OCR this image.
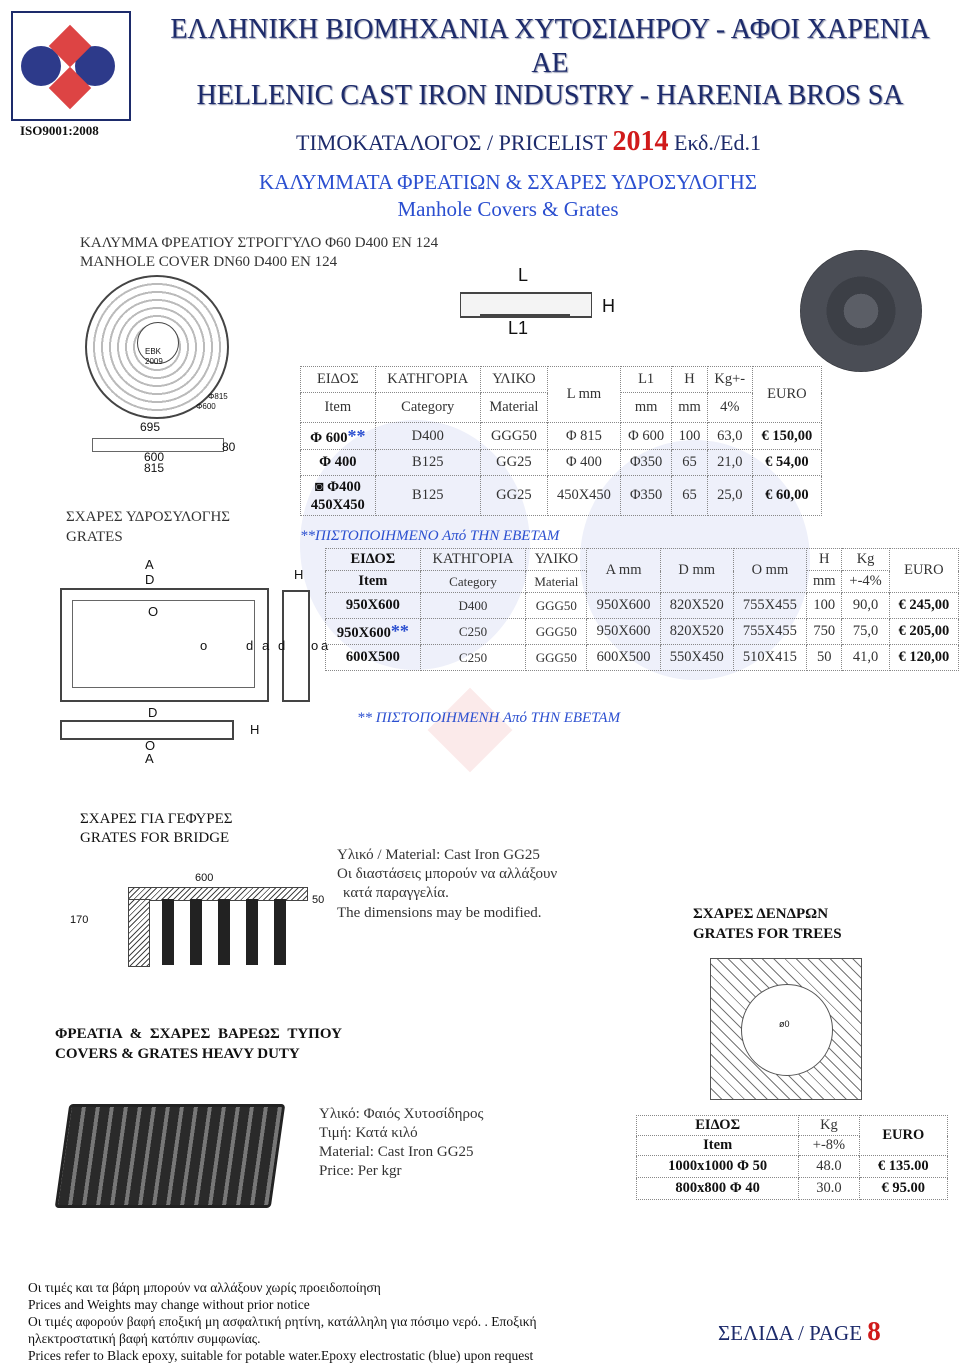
ISO9001:2008
ΕΛΛΗΝΙΚΗ ΒΙΟΜΗΧΑΝΙΑ ΧΥΤΟΣΙΔΗΡΟΥ - ΑΦΟΙ ΧΑΡΕΝΙΑ
ΑΕ
HELLENIC CAST IRON INDUSTRY - HARENIA BROS SA
ΤΙΜΟΚΑΤΑΛΟΓΟΣ / PRICELIST 2014 Εκδ./Ed.1
ΚΑΛΥΜΜΑΤΑ ΦΡΕΑΤΙΩΝ & ΣΧΑΡΕΣ ΥΔΡΟΣΥΛΟΓΗΣ
Manhole Covers & Grates
ΚΑΛΥΜΜΑ ΦΡΕΑΤΙΟΥ ΣΤΡΟΓΓΥΛΟ Φ60 D400 EN 124
MANHOLE COVER DN60 D400 EN 124
EBK
2009
Φ815
Φ600
695
80
600
815
L
H
L1
ΕΙΔΟΣ	ΚΑΤΗΓΟΡΙΑ	ΥΛΙΚΟ	L mm	L1	H	Kg+-	EURO
Item	Category	Material		mm	mm	4%	
Φ 600**	D400	GGG50	Φ 815	Φ 600	100	63,0	€ 150,00
Φ 400	B125	GG25	Φ 400	Φ350	65	21,0	€ 54,00
◙ Φ400
450X450	B125	GG25	450X450	Φ350	65	25,0	€ 60,00
**ΠΙΣΤΟΠΟΙΗΜΕΝΟ Από ΤΗΝ ΕΒΕΤΑΜ
ΣΧΑΡΕΣ ΥΔΡΟΣΥΛΟΓΗΣ
GRATES
A
D
O
o	d a
H
d o a
D
H
O
A
ΕΙΔΟΣ	ΚΑΤΗΓΟΡΙΑ	ΥΛΙΚΟ	A mm	D mm	O mm	H	Kg	EURO
Item	Category	Material				mm	+-4%	
950X600	D400	GGG50	950X600	820X520	755X455	100	90,0	€ 245,00
950X600**	C250	GGG50	950X600	820X520	755X455	750	75,0	€ 205,00
600X500	C250	GGG50	600X500	550X450	510X415	50	41,0	€ 120,00
** ΠΙΣΤΟΠΟΙΗΜΕΝΗ Από ΤΗΝ ΕΒΕΤΑΜ
ΣΧΑΡΕΣ ΓΙΑ ΓΕΦΥΡΕΣ
GRATES FOR BRIDGE
600
50
170
Υλικό / Material: Cast Iron GG25
Οι διαστάσεις μπορούν να αλλάξουν
κατά παραγγελία.
The dimensions may be modified.	ΣΧΑΡΕΣ ΔΕΝΔΡΩΝ
GRATES FOR TREES
ø0
ΦΡΕΑΤΙΑ & ΣΧΑΡΕΣ ΒΑΡΕΩΣ ΤΥΠΟΥ
COVERS & GRATES HEAVY DUTY
Υλικό: Φαιός Χυτοσίδηρος
Τιμή: Κατά κιλό
Material: Cast Iron GG25
Price: Per kgr
ΕΙΔΟΣ	Kg	EURO
Item	+-8%	
1000x1000 Φ 50	48.0	€ 135.00
800x800 Φ 40	30.0	€ 95.00
Οι τιμές και τα βάρη μπορούν να αλλάξουν χωρίς προειδοποίηση
Prices and Weights may change without prior notice
Οι τιμές αφορούν βαφή εποξική μη ασφαλτική ρητίνη, κατάλληλη για πόσιμο νερό. . Εποξική
ηλεκτροστατική βαφή κατόπιν συμφωνίας.
Prices refer to Black epoxy, suitable for potable water.Epoxy electrostatic (blue) upon request
ΣΕΛΙΔΑ / PAGE 8
